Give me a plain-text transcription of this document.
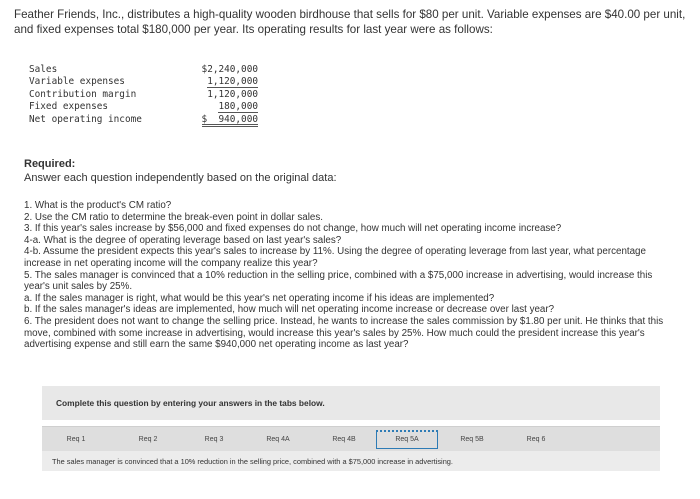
Feather Friends, Inc., distributes a high-quality wooden birdhouse that sells for $80 per unit. Variable expenses are $40.00 per unit, and fixed expenses total $180,000 per year. Its operating results for last year were as follows:
Sales	$2,240,000
Variable expenses	1,120,000
Contribution margin	1,120,000
Fixed expenses	180,000
Net operating income	$  940,000
Required:
Answer each question independently based on the original data:

1. What is the product's CM ratio?

2. Use the CM ratio to determine the break-even point in dollar sales.

3. If this year's sales increase by $56,000 and fixed expenses do not change, how much will net operating income increase?

4-a. What is the degree of operating leverage based on last year's sales?

4-b. Assume the president expects this year's sales to increase by 11%. Using the degree of operating leverage from last year, what percentage increase in net operating income will the company realize this year?

5. The sales manager is convinced that a 10% reduction in the selling price, combined with a $75,000 increase in advertising, would increase this year's unit sales by 25%.

a. If the sales manager is right, what would be this year's net operating income if his ideas are implemented?

b. If the sales manager's ideas are implemented, how much will net operating income increase or decrease over last year?

6. The president does not want to change the selling price. Instead, he wants to increase the sales commission by $1.80 per unit. He thinks that this move, combined with some increase in advertising, would increase this year's sales by 25%. How much could the president increase this year's advertising expense and still earn the same $940,000 net operating income as last year?

Complete this question by entering your answers in the tabs below.
Req 1	Req 2	Req 3	Req 4A	Req 4B	Req 5A	Req 5B	Req 6
The sales manager is convinced that a 10% reduction in the selling price, combined with a $75,000 increase in advertising.
